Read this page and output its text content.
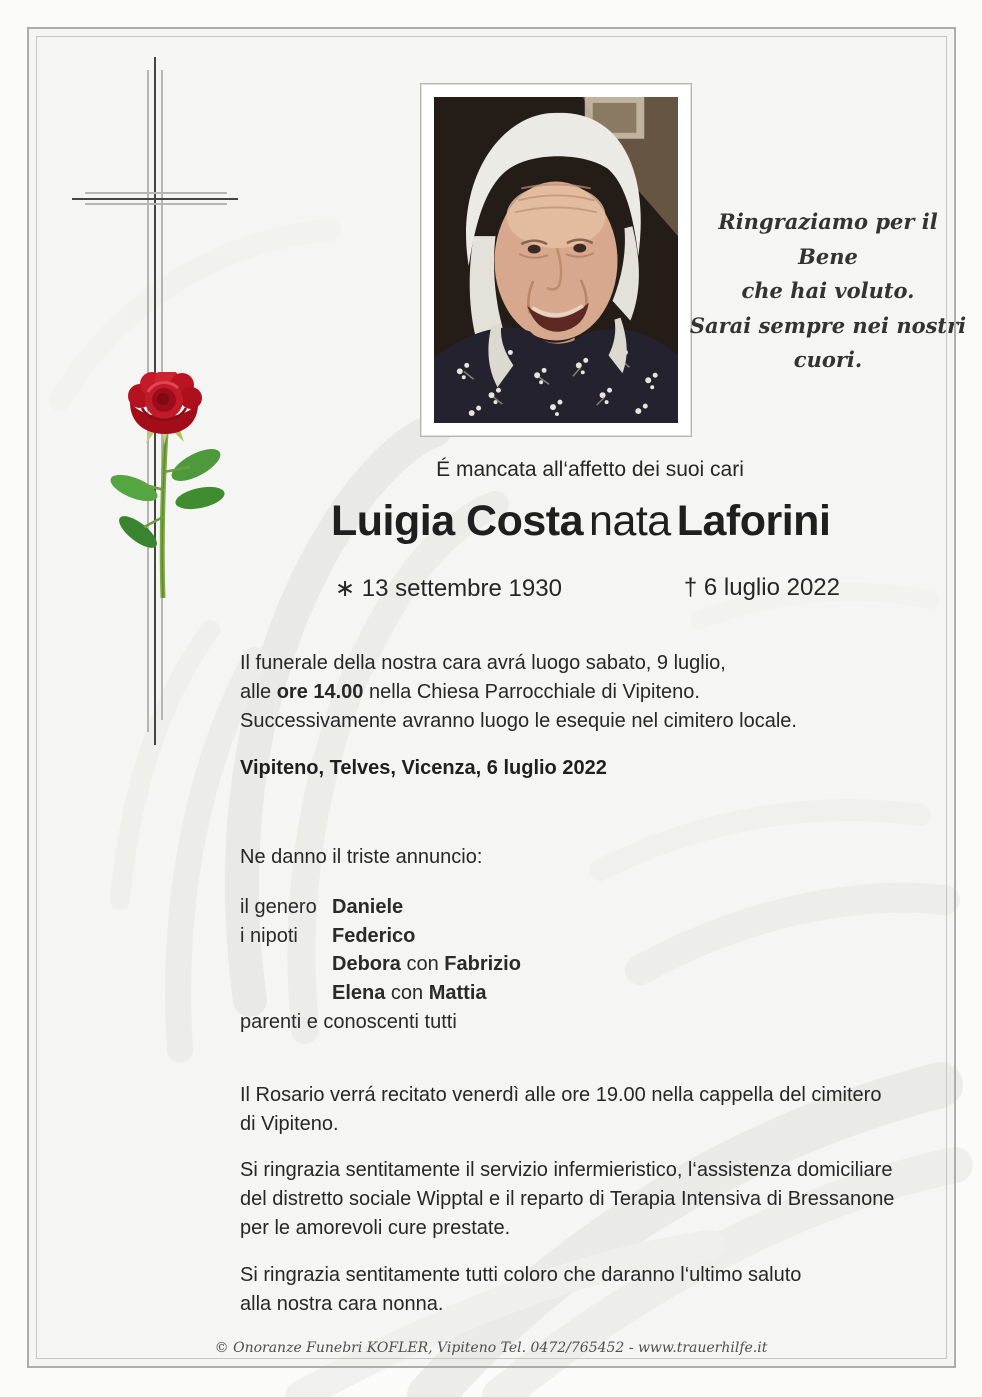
Ringraziamo per il Bene
che hai voluto.
Sarai sempre nei nostri cuori.
É mancata all‘affetto dei suoi cari
Luigia Costa nata Laforini
∗ 13 settembre 1930	† 6 luglio 2022
Il funerale della nostra cara avrá luogo sabato, 9 luglio,
alle ore 14.00 nella Chiesa Parrocchiale di Vipiteno.
Successivamente avranno luogo le esequie nel cimitero locale.
Vipiteno, Telves, Vicenza, 6 luglio 2022
Ne danno il triste annuncio:
il genero Daniele
i nipoti Federico
Debora con Fabrizio
Elena con Mattia
parenti e conoscenti tutti
Il Rosario verrá recitato venerdì alle ore 19.00 nella cappella del cimitero
di Vipiteno.
Si ringrazia sentitamente il servizio infermieristico, l‘assistenza domiciliare
del distretto sociale Wipptal e il reparto di Terapia Intensiva di Bressanone
per le amorevoli cure prestate.
Si ringrazia sentitamente tutti coloro che daranno l‘ultimo saluto
alla nostra cara nonna.
© Onoranze Funebri KOFLER, Vipiteno Tel. 0472/765452 - www.trauerhilfe.it
